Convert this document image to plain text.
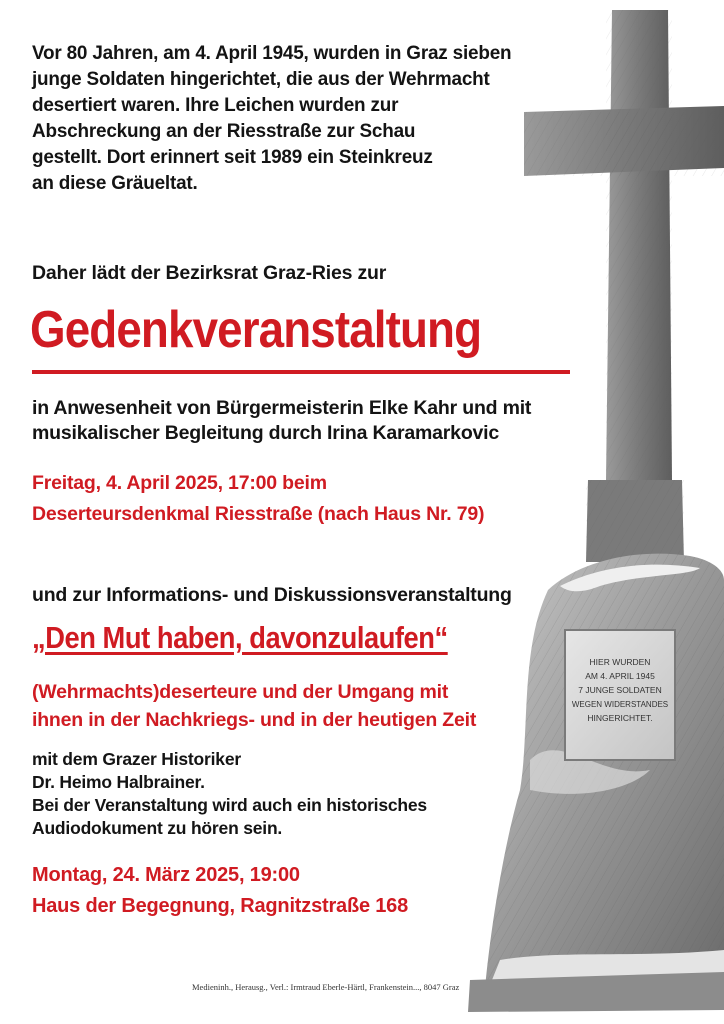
HIER WURDEN
AM 4. APRIL 1945
7 JUNGE SOLDATEN
WEGEN WIDERSTANDES
HINGERICHTET.

Vor 80 Jahren, am 4. April 1945, wurden in Graz sieben
junge Soldaten hingerichtet, die aus der Wehrmacht
desertiert waren. Ihre Leichen wurden zur
Abschreckung an der Riesstraße zur Schau
gestellt. Dort erinnert seit 1989 ein Steinkreuz
an diese Gräueltat.

Daher lädt der Bezirksrat Graz-Ries zur

Gedenkveranstaltung

in Anwesenheit von Bürgermeisterin Elke Kahr und mit
musikalischer Begleitung durch Irina Karamarkovic

Freitag, 4. April 2025, 17:00 beim
Deserteursdenkmal Riesstraße (nach Haus Nr. 79)

und zur Informations- und Diskussionsveranstaltung

„Den Mut haben, davonzulaufen“

(Wehrmachts)deserteure und der Umgang mit
ihnen in der Nachkriegs- und in der heutigen Zeit

mit dem Grazer Historiker
Dr. Heimo Halbrainer.
Bei der Veranstaltung wird auch ein historisches
Audiodokument zu hören sein.

Montag, 24. März 2025, 19:00
Haus der Begegnung, Ragnitzstraße 168

Medieninh., Herausg., Verl.: Irmtraud Eberle-Härtl, Frankenstein..., 8047 Graz
